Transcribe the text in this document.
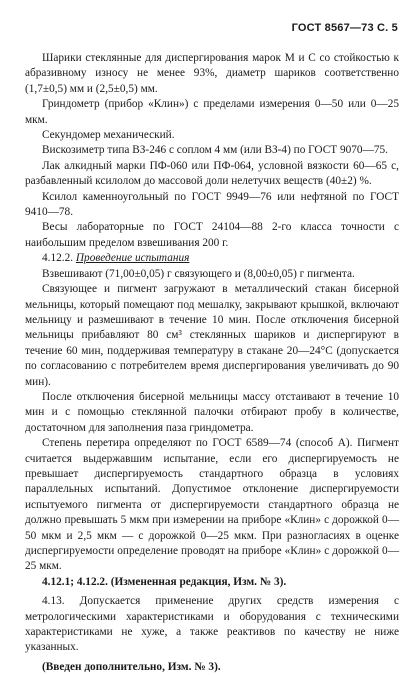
ГОСТ 8567—73 С. 5

Шарики стеклянные для диспергирования марок М и С со стойкостью к абразивному износу не менее 93%, диаметр шариков соответственно (1,7±0,5) мм и (2,5±0,5) мм.

Гриндометр (прибор «Клин») с пределами измерения 0—50 или 0—25 мкм.

Секундомер механический.

Вискозиметр типа ВЗ-246 с соплом 4 мм (или ВЗ-4) по ГОСТ 9070—75.

Лак алкидный марки ПФ-060 или ПФ-064, условной вязкости 60—65 с, разбавленный ксилолом до массовой доли нелетучих веществ (40±2) %.

Ксилол каменноугольный по ГОСТ 9949—76 или нефтяной по ГОСТ 9410—78.

Весы лабораторные по ГОСТ 24104—88 2-го класса точности с наибольшим пределом взвешивания 200 г.

4.12.2. Проведение испытания

Взвешивают (71,00±0,05) г связующего и (8,00±0,05) г пигмента.

Связующее и пигмент загружают в металлический стакан бисерной мельницы, который помещают под мешалку, закрывают крышкой, включают мельницу и размешивают в течение 10 мин. После отключения бисерной мельницы прибавляют 80 см³ стеклянных шариков и диспергируют в течение 60 мин, поддерживая температуру в стакане 20—24°С (допускается по согласованию с потребителем время диспергирования увеличивать до 90 мин).

После отключения бисерной мельницы массу отстаивают в течение 10 мин и с помощью стеклянной палочки отбирают пробу в количестве, достаточном для заполнения паза гриндометра.

Степень перетира определяют по ГОСТ 6589—74 (способ А). Пигмент считается выдержавшим испытание, если его диспергируемость не превышает диспергируемость стандартного образца в условиях параллельных испытаний. Допустимое отклонение диспергируемости испытуемого пигмента от диспергируемости стандартного образца не должно превышать 5 мкм при измерении на приборе «Клин» с дорожкой 0—50 мкм и 2,5 мкм — с дорожкой 0—25 мкм. При разногласиях в оценке диспергируемости определение проводят на приборе «Клин» с дорожкой 0—25 мкм.

4.12.1; 4.12.2. (Измененная редакция, Изм. № 3).

4.13. Допускается применение других средств измерения с метрологическими характеристиками и оборудования с техническими характеристиками не хуже, а также реактивов по качеству не ниже указанных.

(Введен дополнительно, Изм. № 3).
